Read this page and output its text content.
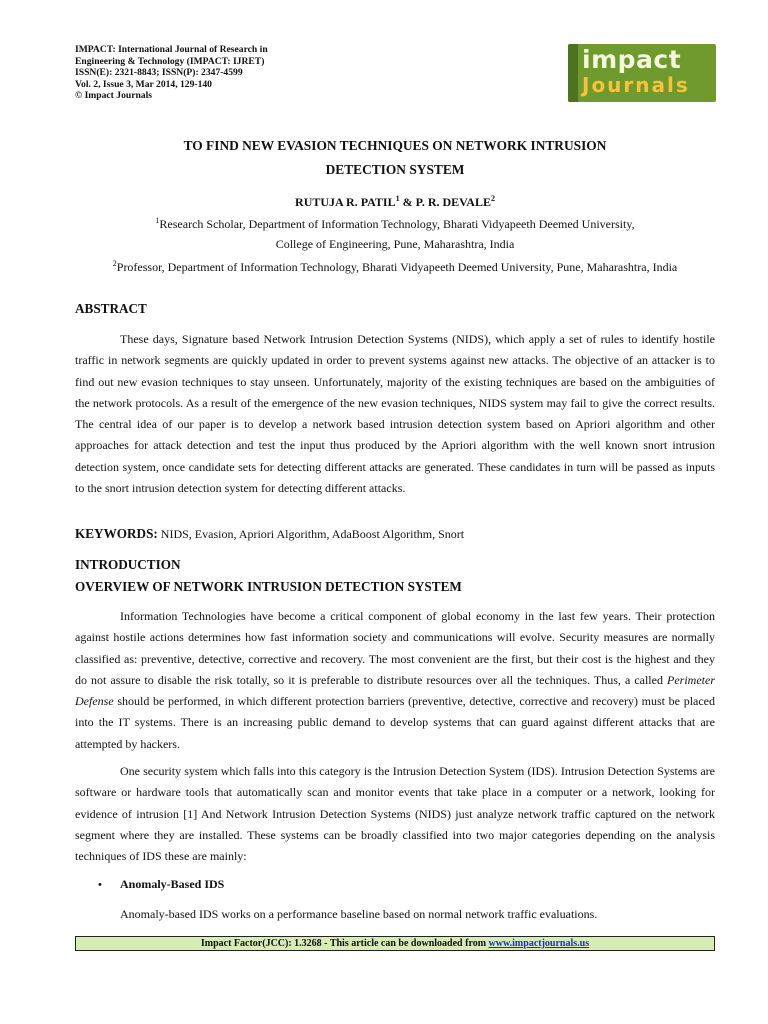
IMPACT: International Journal of Research in
Engineering & Technology (IMPACT: IJRET)
ISSN(E): 2321-8843; ISSN(P): 2347-4599
Vol. 2, Issue 3, Mar 2014, 129-140
© Impact Journals
impact
Journals
TO FIND NEW EVASION TECHNIQUES ON NETWORK INTRUSION
DETECTION SYSTEM
RUTUJA R. PATIL$^1$ & P. R. DEVALE$^2$
$^1$Research Scholar, Department of Information Technology, Bharati Vidyapeeth Deemed University,
College of Engineering, Pune, Maharashtra, India
$^2$Professor, Department of Information Technology, Bharati Vidyapeeth Deemed University, Pune, Maharashtra, India
ABSTRACT
These days, Signature based Network Intrusion Detection Systems (NIDS), which apply a set of rules to identify hostile traffic in network segments are quickly updated in order to prevent systems against new attacks. The objective of an attacker is to find out new evasion techniques to stay unseen. Unfortunately, majority of the existing techniques are based on the ambiguities of the network protocols. As a result of the emergence of the new evasion techniques, NIDS system may fail to give the correct results. The central idea of our paper is to develop a network based intrusion detection system based on Apriori algorithm and other approaches for attack detection and test the input thus produced by the Apriori algorithm with the well known snort intrusion detection system, once candidate sets for detecting different attacks are generated. These candidates in turn will be passed as inputs to the snort intrusion detection system for detecting different attacks.
KEYWORDS: NIDS, Evasion, Apriori Algorithm, AdaBoost Algorithm, Snort
INTRODUCTION
OVERVIEW OF NETWORK INTRUSION DETECTION SYSTEM
Information Technologies have become a critical component of global economy in the last few years. Their protection against hostile actions determines how fast information society and communications will evolve. Security measures are normally classified as: preventive, detective, corrective and recovery. The most convenient are the first, but their cost is the highest and they do not assure to disable the risk totally, so it is preferable to distribute resources over all the techniques. Thus, a called Perimeter Defense should be performed, in which different protection barriers (preventive, detective, corrective and recovery) must be placed into the IT systems. There is an increasing public demand to develop systems that can guard against different attacks that are attempted by hackers.
One security system which falls into this category is the Intrusion Detection System (IDS). Intrusion Detection Systems are software or hardware tools that automatically scan and monitor events that take place in a computer or a network, looking for evidence of intrusion [1] And Network Intrusion Detection Systems (NIDS) just analyze network traffic captured on the network segment where they are installed. These systems can be broadly classified into two major categories depending on the analysis techniques of IDS these are mainly:
• Anomaly-Based IDS
Anomaly-based IDS works on a performance baseline based on normal network traffic evaluations.
Impact Factor(JCC): 1.3268 - This article can be downloaded from www.impactjournals.us
